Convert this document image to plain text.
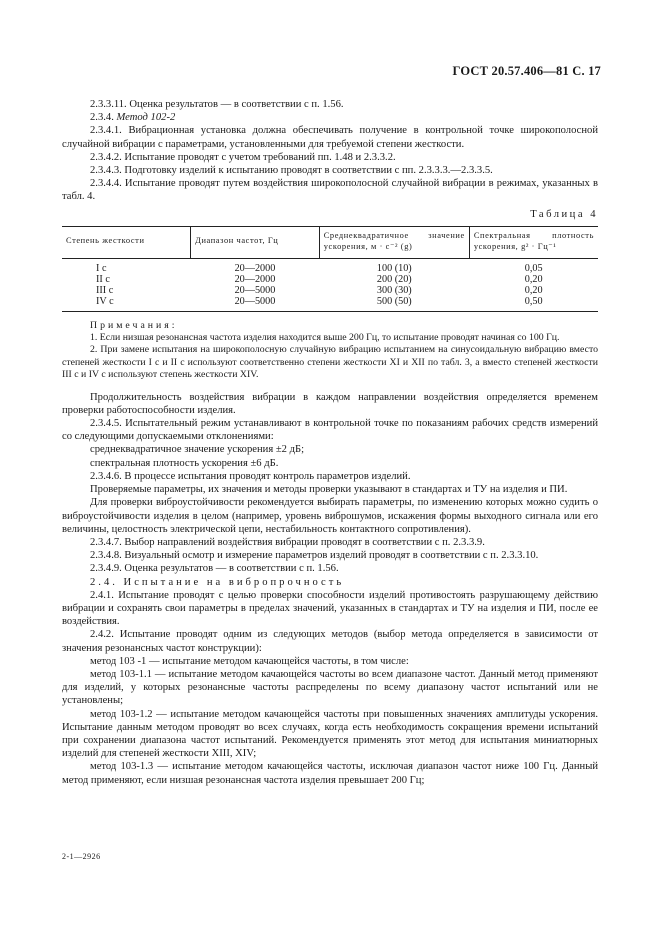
ГОСТ 20.57.406—81 С. 17

2.3.3.11. Оценка результатов — в соответствии с п. 1.56.

2.3.4. Метод 102-2

2.3.4.1. Вибрационная установка должна обеспечивать получение в контрольной точке широкополосной случайной вибрации с параметрами, установленными для требуемой степени жесткости.

2.3.4.2. Испытание проводят с учетом требований пп. 1.48 и 2.3.3.2.

2.3.4.3. Подготовку изделий к испытанию проводят в соответствии с пп. 2.3.3.3.—2.3.3.5.

2.3.4.4. Испытание проводят путем воздействия широкополосной случайной вибрации в режимах, указанных в табл. 4.

Таблица 4

Степень жесткости	Диапазон частот, Гц	Среднеквадратичное значение ускорения, м · с⁻² (g)	Спектральная плотность ускорения, g² · Гц⁻¹
I с	20—2000	100 (10)	0,05
II с	20—2000	200 (20)	0,20
III с	20—5000	300 (30)	0,20
IV с	20—5000	500 (50)	0,50

Примечания:

1. Если низшая резонансная частота изделия находится выше 200 Гц, то испытание проводят начиная со 100 Гц.

2. При замене испытания на широкополосную случайную вибрацию испытанием на синусоидальную вибрацию вместо степеней жесткости I с и II с используют соответственно степени жесткости XI и XII по табл. 3, а вместо степеней жесткости III с и IV с используют степень жесткости XIV.

Продолжительность воздействия вибрации в каждом направлении воздействия определяется временем проверки работоспособности изделия.

2.3.4.5. Испытательный режим устанавливают в контрольной точке по показаниям рабочих средств измерений со следующими допускаемыми отклонениями:

среднеквадратичное значение ускорения ±2 дБ;

спектральная плотность ускорения ±6 дБ.

2.3.4.6. В процессе испытания проводят контроль параметров изделий.

Проверяемые параметры, их значения и методы проверки указывают в стандартах и ТУ на изделия и ПИ.

Для проверки виброустойчивости рекомендуется выбирать параметры, по изменению которых можно судить о виброустойчивости изделия в целом (например, уровень виброшумов, искажения формы выходного сигнала или его величины, целостность электрической цепи, нестабильность контактного сопротивления).

2.3.4.7. Выбор направлений воздействия вибрации проводят в соответствии с п. 2.3.3.9.

2.3.4.8. Визуальный осмотр и измерение параметров изделий проводят в соответствии с п. 2.3.3.10.

2.3.4.9. Оценка результатов — в соответствии с п. 1.56.

2.4. Испытание на вибропрочность

2.4.1. Испытание проводят с целью проверки способности изделий противостоять разрушающему действию вибрации и сохранять свои параметры в пределах значений, указанных в стандартах и ТУ на изделия и ПИ, после ее воздействия.

2.4.2. Испытание проводят одним из следующих методов (выбор метода определяется в зависимости от значения резонансных частот конструкции):

метод 103 -1 — испытание методом качающейся частоты, в том числе:

метод 103-1.1 — испытание методом качающейся частоты во всем диапазоне частот. Данный метод применяют для изделий, у которых резонансные частоты распределены по всему диапазону частот испытаний или не установлены;

метод 103-1.2 — испытание методом качающейся частоты при повышенных значениях амплитуды ускорения. Испытание данным методом проводят во всех случаях, когда есть необходимость сокращения времени испытаний при сохранении диапазона частот испытаний. Рекомендуется применять этот метод для испытания миниатюрных изделий для степеней жесткости XIII, XIV;

метод 103-1.3 — испытание методом качающейся частоты, исключая диапазон частот ниже 100 Гц. Данный метод применяют, если низшая резонансная частота изделия превышает 200 Гц;

2-1—2926
